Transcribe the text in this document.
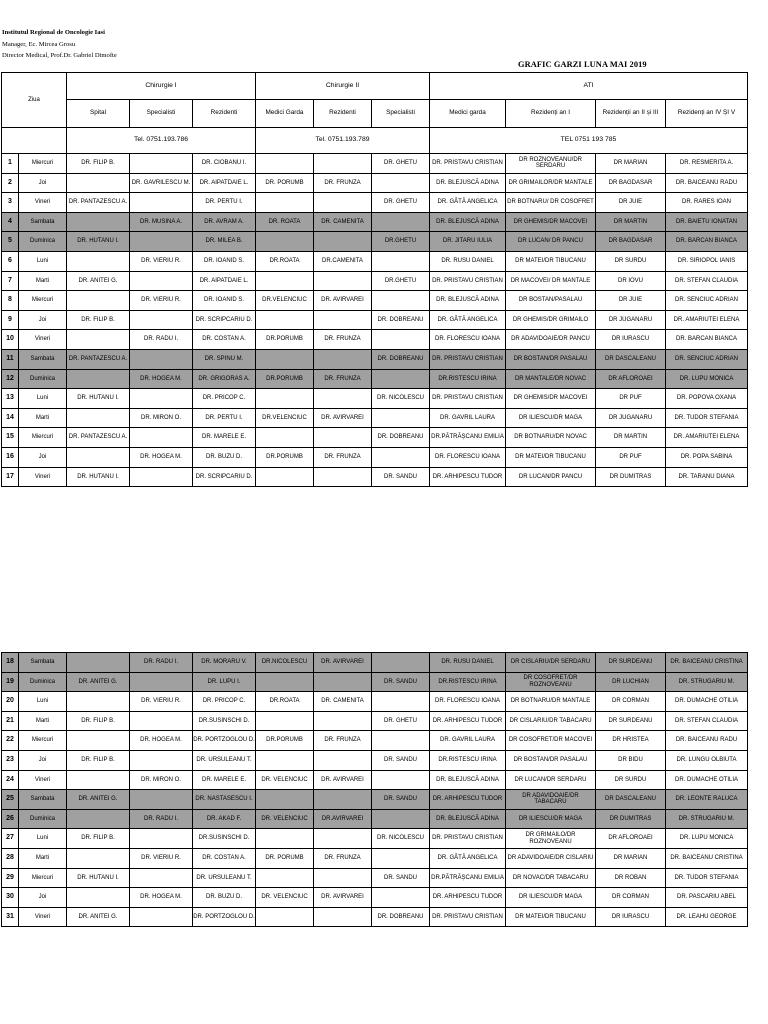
Institutul Regional de Oncologie Iasi
Manager, Ec. Mircea Grosu
Director Medical, Prof.Dr. Gabriel Dimofte
GRAFIC GARZI LUNA MAI 2019
Ziua		Chirurgie I			Chirurgie II			ATI			
		Spital	Specialisti	Rezidenti	Medici Garda	Rezidenti	Specialisti	Medici garda	Rezidenți an I	Rezidenții an II și III	Rezidenți an IV ȘI V
		Tel. 0751.193.786			Tel. 0751.193.789			TEL 0751 193 785			
1	Miercuri	DR. FILIP B.		DR. CIOBANU I.			DR. GHETU	DR. PRISTAVU CRISTIAN	DR ROZNOVEANU/DR SERDARU	DR MARIAN	DR. RESMERITA A.
2	Joi		DR. GAVRILESCU M.	DR. AIPATDAIE L.	DR. PORUMB	DR. FRUNZA		DR. BLEJUSCĂ ADINA	DR GRIMAILOR/DR MANTALE	DR BAGDASAR	DR. BAICEANU RADU
3	Vineri	DR. PANTAZESCU A.		DR. PERTU I.			DR. GHETU	DR. GÂTĂ ANGELICA	DR BOTNARU/ DR COSOFRET	DR JUIE	DR. RARES IOAN
4	Sambata		DR. MUSINA A.	DR. AVRAM A.	DR. ROATA	DR. CAMENITA		DR. BLEJUSCĂ ADINA	DR GHEMIS/DR MACOVEI	DR MARTIN	DR. BAIETU IONATAN
5	Duminica	DR. HUTANU I.		DR. MILEA B.			DR.GHETU	DR. JITARU IULIA	DR LUCAN/ DR PANCU	DR BAGDASAR	DR. BARCAN BIANCA
6	Luni		DR. VIERIU R.	DR. IOANID S.	DR.ROATA	DR.CAMENITA		DR. RUSU DANIEL	DR MATEI/DR TIBUCANU	DR SURDU	DR. SIRIOPOL IANIS
7	Marti	DR. ANITEI G.		DR. AIPATDAIE L.			DR.GHETU	DR. PRISTAVU CRISTIAN	DR MACOVEI/ DR MANTALE	DR IOVU	DR. STEFAN CLAUDIA
8	Miercuri		DR. VIERIU R.	DR. IOANID S.	DR.VELENCIUC	DR. AVIRVAREI		DR. BLEJUSCĂ ADINA	DR BOSTAN/PASALAU	DR JUIE	DR. SENCIUC ADRIAN
9	Joi	DR. FILIP B.		DR. SCRIPCARIU D.			DR. DOBREANU	DR. GÂTĂ ANGELICA	DR GHEMIS/DR GRIMAILO	DR JUGANARU	DR. AMARIUTEI ELENA
10	Vineri		DR. RADU I.	DR. COSTAN A.	DR.PORUMB	DR. FRUNZA		DR. FLORESCU IOANA	DR ADAVIDOAIE/DR PANCU	DR IURASCU	DR. BARCAN BIANCA
11	Sambata	DR. PANTAZESCU A.		DR. SPINU M.			DR. DOBREANU	DR. PRISTAVU CRISTIAN	DR BOSTAN/DR PASALAU	DR DASCALEANU	DR. SENCIUC ADRIAN
12	Duminica		DR. HOGEA M.	DR. GRIGORAS A.	DR.PORUMB	DR. FRUNZA		DR.RISTESCU IRINA	DR MANTALE/DR NOVAC	DR AFLOROAEI	DR. LUPU MONICA
13	Luni	DR. HUTANU I.		DR. PRICOP C.			DR. NICOLESCU	DR. PRISTAVU CRISTIAN	DR GHEMIS/DR MACOVEI	DR PUF	DR. POPOVA OXANA
14	Marti		DR. MIRON O.	DR. PERTU I.	DR.VELENCIUC	DR. AVIRVAREI		DR. GAVRIL LAURA	DR ILIESCU/DR MAGA	DR JUGANARU	DR. TUDOR STEFANIA
15	Miercuri	DR. PANTAZESCU A.		DR. MARELE E.			DR. DOBREANU	DR.PĂTRĂȘCANU EMILIA	DR BOTNARU/DR NOVAC	DR MARTIN	DR. AMARIUTEI ELENA
16	Joi		DR. HOGEA M.	DR. BUZU D.	DR.PORUMB	DR. FRUNZA		DR. FLORESCU IOANA	DR MATEI/DR TIBUCANU	DR PUF	DR. POPA SABINA
17	Vineri	DR. HUTANU I.		DR. SCRIPCARIU D.			DR. SANDU	DR. ARHIPESCU TUDOR	DR LUCAN/DR PANCU	DR DUMITRAS	DR. TARANU DIANA
18	Sambata		DR. RADU I.	DR. MORARU V.	DR.NICOLESCU	DR. AVIRVAREI		DR. RUSU DANIEL	DR CISLARIU/DR SERDARU	DR SURDEANU	DR. BAICEANU CRISTINA
19	Duminica	DR. ANITEI G.		DR. LUPU I.			DR. SANDU	DR.RISTESCU IRINA	DR COSOFRET/DR ROZNOVEANU	DR LUCHIAN	DR. STRUGARIU M.
20	Luni		DR. VIERIU R.	DR. PRICOP C.	DR.ROATA	DR. CAMENITA		DR. FLORESCU IOANA	DR BOTNARU/DR MANTALE	DR CORMAN	DR. DUMACHE OTILIA
21	Marti	DR. FILIP B.		DR.SUSINSCHI D.			DR. GHETU	DR. ARHIPESCU TUDOR	DR CISLARIU/DR TABACARU	DR SURDEANU	DR. STEFAN CLAUDIA
22	Miercuri		DR. HOGEA M.	DR. PORTZOGLOU D.	DR.PORUMB	DR. FRUNZA		DR. GAVRIL LAURA	DR COSOFRET/DR MACOVEI	DR HRISTEA	DR. BAICEANU RADU
23	Joi	DR. FILIP B.		DR. URSULEANU T.			DR. SANDU	DR.RISTESCU IRINA	DR BOSTAN/DR PASALAU	DR BIDU	DR. LUNGU OLBIUTA
24	Vineri		DR. MIRON O.	DR. MARELE E.	DR. VELENCIUC	DR. AVIRVAREI		DR. BLEJUSCĂ ADINA	DR LUCAN/DR SERDARU	DR SURDU	DR. DUMACHE OTILIA
25	Sambata	DR. ANITEI G.		DR. NASTASESCU I.			DR. SANDU	DR. ARHIPESCU TUDOR	DR ADAVIDOAIE/DR TABACARU	DR DASCALEANU	DR. LEONTE RALUCA
26	Duminica		DR. RADU I.	DR. AKAD F.	DR. VELENCIUC	DR.AVIRVAREI		DR. BLEJUSCĂ ADINA	DR ILIESCU/DR MAGA	DR DUMITRAS	DR. STRUGARIU M.
27	Luni	DR. FILIP B.		DR.SUSINSCHI D.			DR. NICOLESCU	DR. PRISTAVU CRISTIAN	DR GRIMAILO/DR ROZNOVEANU	DR AFLOROAEI	DR. LUPU MONICA
28	Marti		DR. VIERIU R.	DR. COSTAN A.	DR. PORUMB	DR. FRUNZA		DR. GÂTĂ ANGELICA	DR ADAVIDOAIE/DR CISLARIU	DR MARIAN	DR. BAICEANU CRISTINA
29	Miercuri	DR. HUTANU I.		DR. URSULEANU T.			DR. SANDU	DR.PĂTRĂȘCANU EMILIA	DR NOVAC/DR TABACARU	DR ROBAN	DR. TUDOR STEFANIA
30	Joi		DR. HOGEA M.	DR. BUZU D.	DR. VELENCIUC	DR. AVIRVAREI		DR. ARHIPESCU TUDOR	DR ILIESCU/DR MAGA	DR CORMAN	DR. PASCARIU ABEL
31	Vineri	DR. ANITEI G.		DR. PORTZOGLOU D.			DR. DOBREANU	DR. PRISTAVU CRISTIAN	DR MATEI/DR TIBUCANU	DR IURASCU	DR. LEAHU GEORGE
